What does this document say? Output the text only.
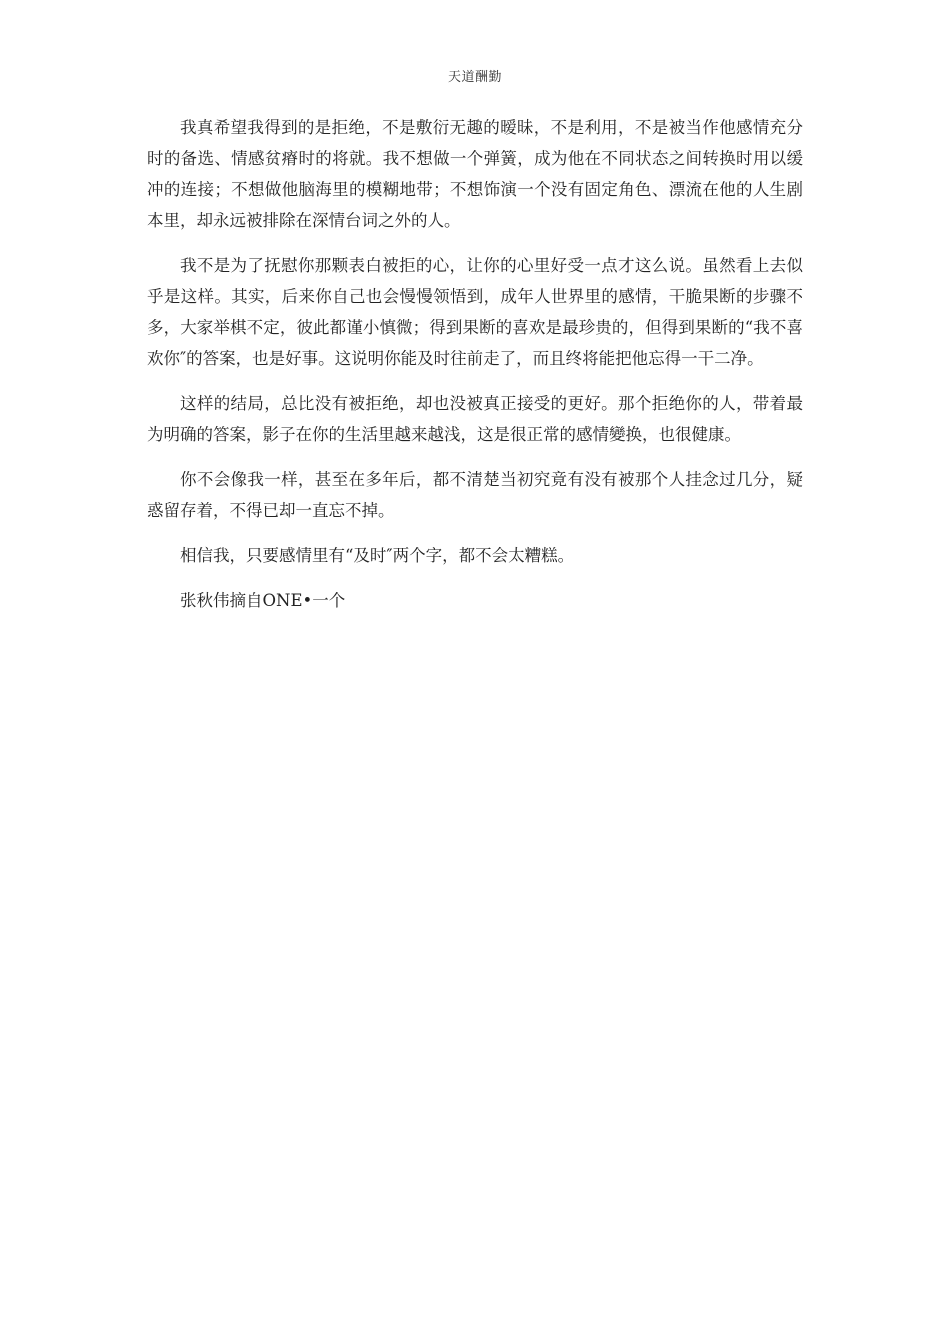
天道酬勤

我真希望我得到的是拒绝，不是敷衍无趣的暧昧，不是利用，不是被当作他感情充分时的备选、情感贫瘠时的将就。我不想做一个弹簧，成为他在不同状态之间转换时用以缓冲的连接；不想做他脑海里的模糊地带；不想饰演一个没有固定角色、漂流在他的人生剧本里，却永远被排除在深情台词之外的人。

我不是为了抚慰你那颗表白被拒的心，让你的心里好受一点才这么说。虽然看上去似乎是这样。其实，后来你自己也会慢慢领悟到，成年人世界里的感情，干脆果断的步骤不多，大家举棋不定，彼此都谨小慎微；得到果断的喜欢是最珍贵的，但得到果断的“我不喜欢你″的答案，也是好事。这说明你能及时往前走了，而且终将能把他忘得一干二净。

这样的结局，总比没有被拒绝，却也没被真正接受的更好。那个拒绝你的人，带着最为明确的答案，影子在你的生活里越来越浅，这是很正常的感情變换，也很健康。

你不会像我一样，甚至在多年后，都不清楚当初究竟有没有被那个人挂念过几分，疑惑留存着，不得已却一直忘不掉。

相信我，只要感情里有“及时″两个字，都不会太糟糕。

张秋伟摘自ONE•一个
